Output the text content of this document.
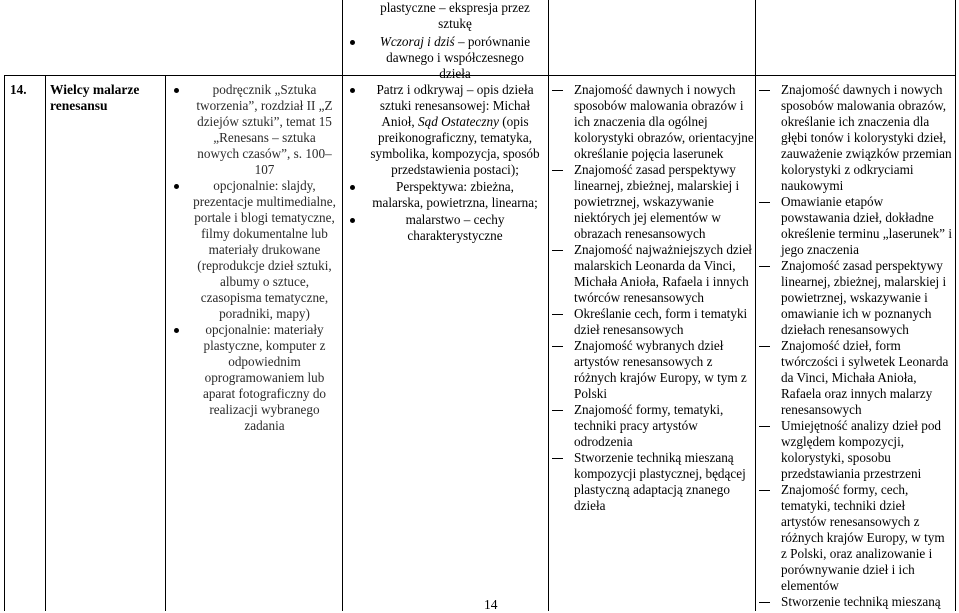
14.	Wielcy malarze renesansu
podręcznik „Sztuka tworzenia”, rozdział II „Z dziejów sztuki”, temat 15 „Renesans – sztuka nowych czasów”, s. 100–107
opcjonalnie: slajdy, prezentacje multimedialne, portale i blogi tematyczne, filmy dokumentalne lub materiały drukowane (reprodukcje dzieł sztuki, albumy o sztuce, czasopisma tematyczne, poradniki, mapy)
opcjonalnie: materiały plastyczne, komputer z odpowiednim oprogramowaniem lub aparat fotograficzny do realizacji wybranego zadania
plastyczne – ekspresja przez sztukę
Wczoraj i dziś – porównanie dawnego i współczesnego dzieła
Patrz i odkrywaj – opis dzieła sztuki renesansowej: Michał Anioł, Sąd Ostateczny (opis preikonograficzny, tematyka, symbolika, kompozycja, sposób przedstawienia postaci);
Perspektywa: zbieżna, malarska, powietrzna, linearna;
malarstwo – cechy charakterystyczne
Znajomość dawnych i nowych sposobów malowania obrazów i ich znaczenia dla ogólnej kolorystyki obrazów, orientacyjne określanie pojęcia laserunek
Znajomość zasad perspektywy linearnej, zbieżnej, malarskiej i powietrznej, wskazywanie niektórych jej elementów w obrazach renesansowych
Znajomość najważniejszych dzieł malarskich Leonarda da Vinci, Michała Anioła, Rafaela i innych twórców renesansowych
Określanie cech, form i tematyki dzieł renesansowych
Znajomość wybranych dzieł artystów renesansowych z różnych krajów Europy, w tym z Polski
Znajomość formy, tematyki, techniki pracy artystów odrodzenia
Stworzenie techniką mieszaną kompozycji plastycznej, będącej plastyczną adaptacją znanego dzieła
Znajomość dawnych i nowych sposobów malowania obrazów, określanie ich znaczenia dla głębi tonów i kolorystyki dzieł, zauważenie związków przemian kolorystyki z odkryciami naukowymi
Omawianie etapów powstawania dzieł, dokładne określenie terminu „laserunek” i jego znaczenia
Znajomość zasad perspektywy linearnej, zbieżnej, malarskiej i powietrznej, wskazywanie i omawianie ich w poznanych dziełach renesansowych
Znajomość dzieł, form twórczości i sylwetek Leonarda da Vinci, Michała Anioła, Rafaela oraz innych malarzy renesansowych
Umiejętność analizy dzieł pod względem kompozycji, kolorystyki, sposobu przedstawiania przestrzeni
Znajomość formy, cech, tematyki, techniki dzieł artystów renesansowych z różnych krajów Europy, w tym z Polski, oraz analizowanie i porównywanie dzieł i ich elementów
Stworzenie techniką mieszaną
14
